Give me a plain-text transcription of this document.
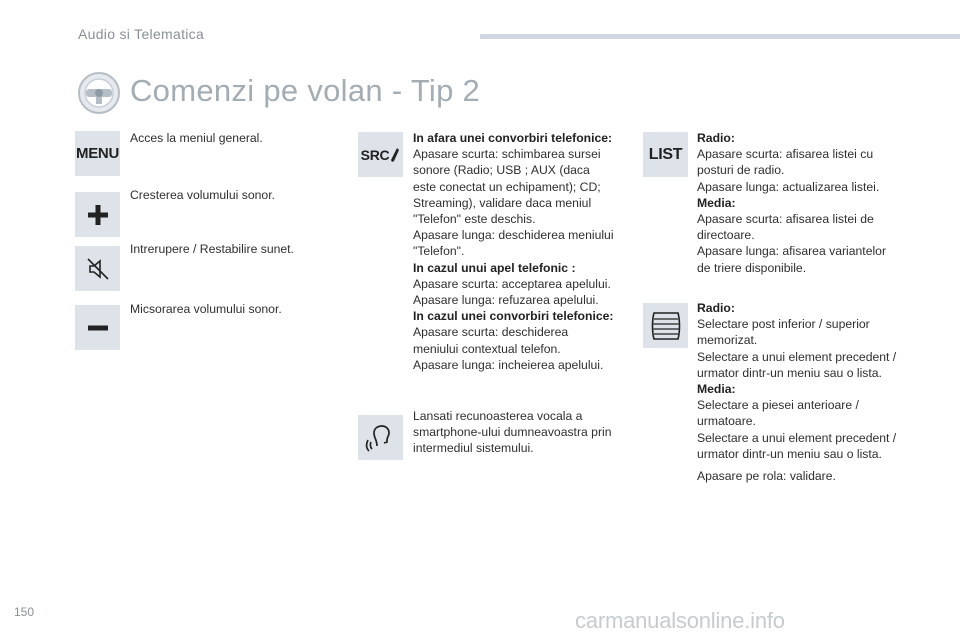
Audio si Telematica
Comenzi pe volan - Tip 2
MENU
Acces la meniul general.
Cresterea volumului sonor.
Intrerupere / Restabilire sunet.
Micsorarea volumului sonor.
SRC
In afara unei convorbiri telefonice:
Apasare scurta: schimbarea sursei
sonore (Radio; USB ; AUX (daca
este conectat un echipament); CD;
Streaming), validare daca meniul
"Telefon" este deschis.
Apasare lunga: deschiderea meniului
"Telefon".
In cazul unui apel telefonic :
Apasare scurta: acceptarea apelului.
Apasare lunga: refuzarea apelului.
In cazul unei convorbiri telefonice:
Apasare scurta: deschiderea
meniului contextual telefon.
Apasare lunga: incheierea apelului.
Lansati recunoasterea vocala a
smartphone-ului dumneavoastra prin
intermediul sistemului.
LIST
Radio:
Apasare scurta: afisarea listei cu
posturi de radio.
Apasare lunga: actualizarea listei.
Media:
Apasare scurta: afisarea listei de
directoare.
Apasare lunga: afisarea variantelor
de triere disponibile.
Radio:
Selectare post inferior / superior
memorizat.
Selectare a unui element precedent /
urmator dintr-un meniu sau o lista.
Media:
Selectare a piesei anterioare /
urmatoare.
Selectare a unui element precedent /
urmator dintr-un meniu sau o lista.
Apasare pe rola: validare.
150	carmanualsonline.info
